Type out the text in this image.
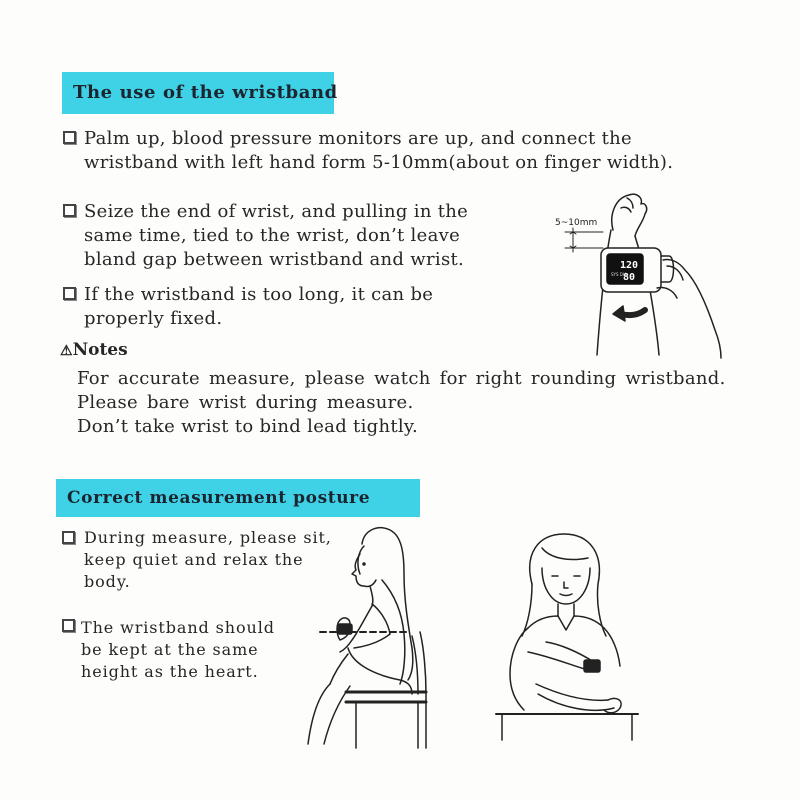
The use of the wristband
Palm up, blood pressure monitors are up, and connect the
wristband with left hand form 5-10mm(about on finger width).
Seize the end of wrist, and pulling in the
same time, tied to the wrist, don’t leave
bland gap between wristband and wrist.
If the wristband is too long, it can be
properly fixed.
120
80
SYS DIA
5~10mm
⚠Notes
For accurate measure, please watch for right rounding wristband.
Please bare wrist during measure.
Don’t take wrist to bind lead tightly.
Correct measurement posture
During measure, please sit,
keep quiet and relax the
body.
The wristband should
be kept at the same
height as the heart.
